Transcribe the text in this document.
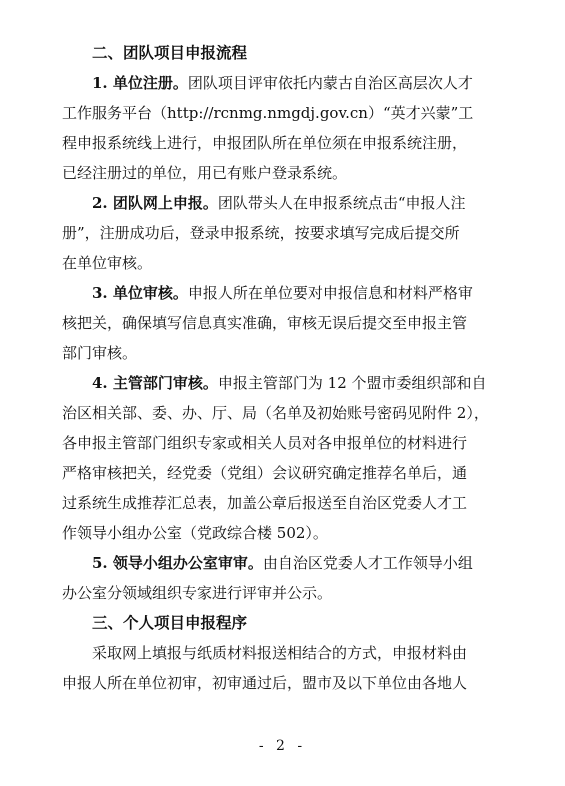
二、团队项目申报流程
1. 单位注册。团队项目评审依托内蒙古自治区高层次人才
工作服务平台（http://rcnmg.nmgdj.gov.cn）“英才兴蒙”工
程申报系统线上进行，申报团队所在单位须在申报系统注册，
已经注册过的单位，用已有账户登录系统。
2. 团队网上申报。团队带头人在申报系统点击“申报人注
册”，注册成功后，登录申报系统，按要求填写完成后提交所
在单位审核。
3. 单位审核。申报人所在单位要对申报信息和材料严格审
核把关，确保填写信息真实准确，审核无误后提交至申报主管
部门审核。
4. 主管部门审核。申报主管部门为 12 个盟市委组织部和自
治区相关部、委、办、厅、局（名单及初始账号密码见附件 2），
各申报主管部门组织专家或相关人员对各申报单位的材料进行
严格审核把关，经党委（党组）会议研究确定推荐名单后，通
过系统生成推荐汇总表，加盖公章后报送至自治区党委人才工
作领导小组办公室（党政综合楼 502）。
5. 领导小组办公室审审。由自治区党委人才工作领导小组
办公室分领域组织专家进行评审并公示。
三、个人项目申报程序
采取网上填报与纸质材料报送相结合的方式，申报材料由
申报人所在单位初审，初审通过后，盟市及以下单位由各地人
- 2 -
